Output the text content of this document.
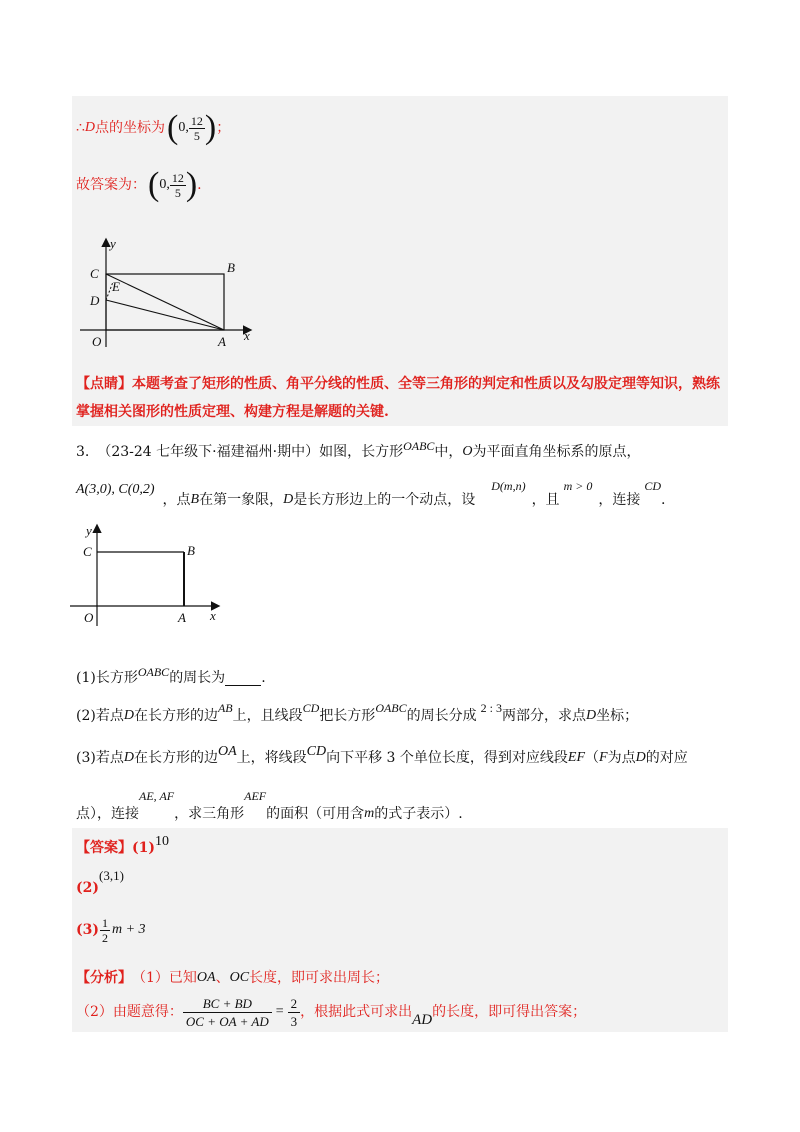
∴ D 点的坐标为 ( 0, $\frac{12}{5}$ ) ；
故答案为： ( 0, $\frac{12}{5}$ ) .
y
x
C	B
D
E
O	A
【点睛】本题考查了矩形的性质、角平分线的性质、全等三角形的判定和性质以及勾股定理等知识，熟练
掌握相关图形的性质定理、构建方程是解题的关键.
3. （23-24 七年级下·福建福州·期中）如图，长方形 OABC 中， O 为平面直角坐标系的原点，
A(3,0), C(0,2)
，点 B 在第一象限， D 是长方形边上的一个动点，设
D(m,n)
，且
m > 0
，连接
CD
.
y
x
C	B
O	A
(1)长方形 OABC 的周长为	.
(2)若点 D 在长方形的边 AB 上，且线段 CD 把长方形 OABC 的周长分成 2 : 3 两部分，求点 D 坐标；
(3)若点 D 在长方形的边 OA 上，将线段 CD 向下平移 3 个单位长度，得到对应线段 EF （ F 为点 D 的对应
点），连接
AE, AF
，求三角形
AEF
的面积（可用含 m 的式子表示）.
【答案】 (1) 10
(2)
(3,1)
$(3) \frac{1}{2}$ m + 3
【分析】 （1）已知 OA 、 OC 长度，即可求出周长；
（2）由题意得： $\frac{BC + BD}{OC + OA + AD} = \frac{2}{3}$ ，根据此式可求出 AD 的长度，即可得出答案；
